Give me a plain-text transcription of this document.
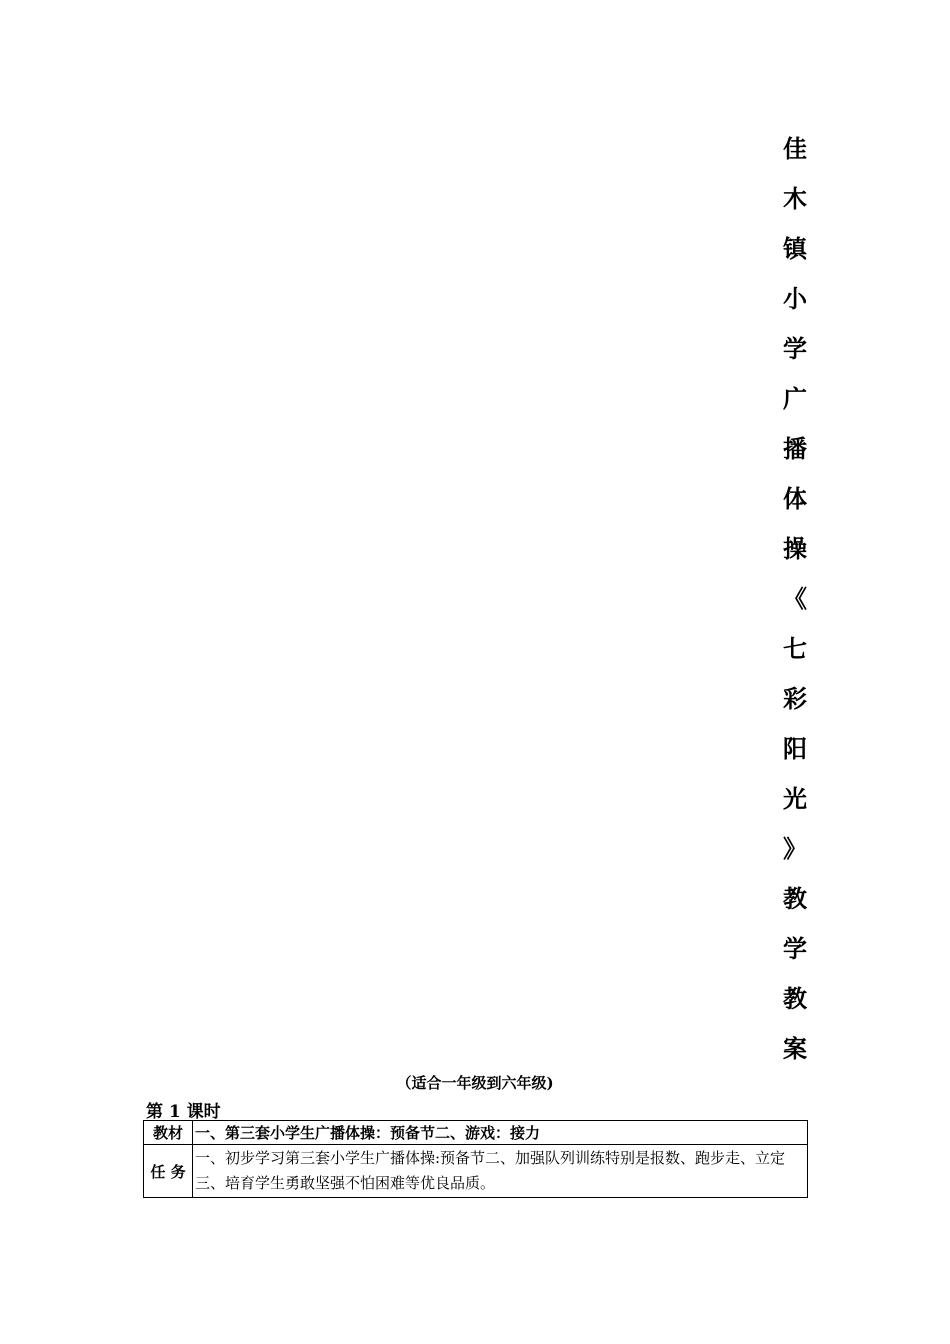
佳
木
镇
小
学
广
播
体
操
《
七
彩
阳
光
》
教
学
教
案
（适合一年级到六年级)
第 1 课时
教材	一、第三套小学生广播体操：预备节二、游戏：接力
任 务	一、初步学习第三套小学生广播体操:预备节二、加强队列训练特别是报数、跑步走、立定三、培育学生勇敢坚强不怕困难等优良品质。
